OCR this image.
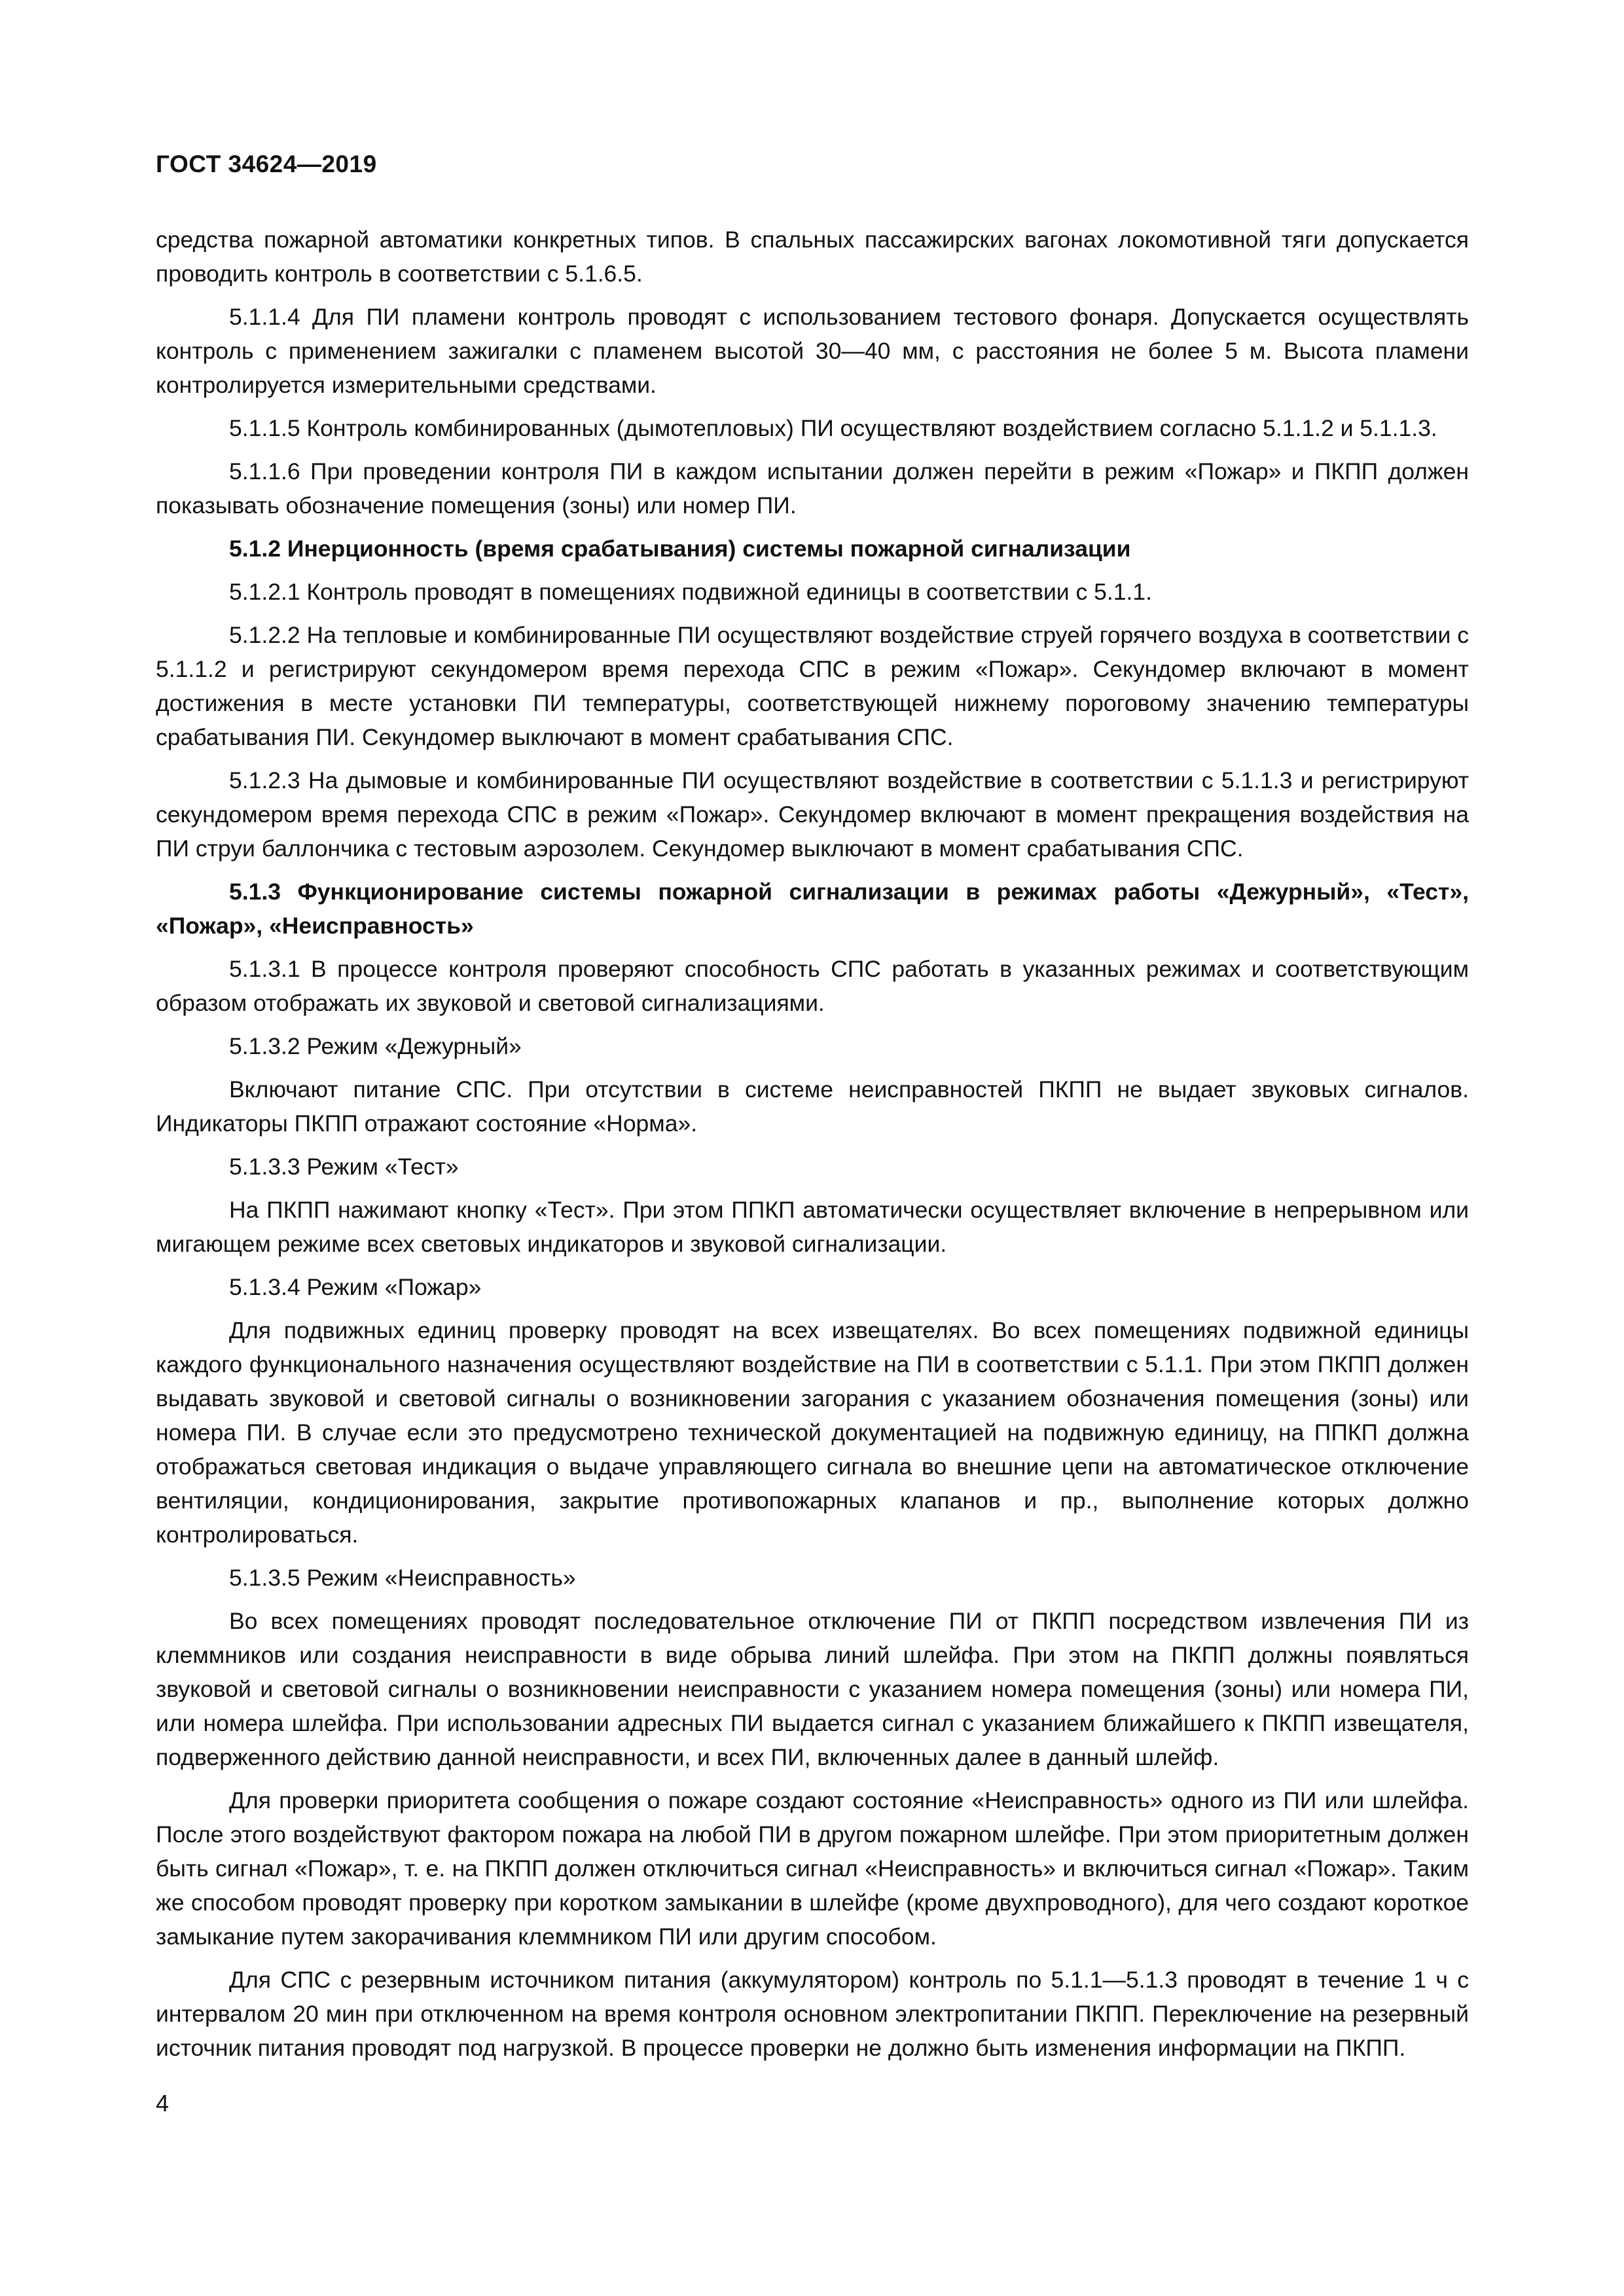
ГОСТ 34624—2019

средства пожарной автоматики конкретных типов. В спальных пассажирских вагонах локомотивной тяги допускается проводить контроль в соответствии с 5.1.6.5.

5.1.1.4 Для ПИ пламени контроль проводят с использованием тестового фонаря. Допускается осуществлять контроль с применением зажигалки с пламенем высотой 30—40 мм, с расстояния не более 5 м. Высота пламени контролируется измерительными средствами.

5.1.1.5 Контроль комбинированных (дымотепловых) ПИ осуществляют воздействием согласно 5.1.1.2 и 5.1.1.3.

5.1.1.6 При проведении контроля ПИ в каждом испытании должен перейти в режим «Пожар» и ПКПП должен показывать обозначение помещения (зоны) или номер ПИ.

5.1.2 Инерционность (время срабатывания) системы пожарной сигнализации

5.1.2.1 Контроль проводят в помещениях подвижной единицы в соответствии с 5.1.1.

5.1.2.2 На тепловые и комбинированные ПИ осуществляют воздействие струей горячего воздуха в соответствии с 5.1.1.2 и регистрируют секундомером время перехода СПС в режим «Пожар». Секундомер включают в момент достижения в месте установки ПИ температуры, соответствующей нижнему пороговому значению температуры срабатывания ПИ. Секундомер выключают в момент срабатывания СПС.

5.1.2.3 На дымовые и комбинированные ПИ осуществляют воздействие в соответствии с 5.1.1.3 и регистрируют секундомером время перехода СПС в режим «Пожар». Секундомер включают в момент прекращения воздействия на ПИ струи баллончика с тестовым аэрозолем. Секундомер выключают в момент срабатывания СПС.

5.1.3 Функционирование системы пожарной сигнализации в режимах работы «Дежурный», «Тест», «Пожар», «Неисправность»

5.1.3.1 В процессе контроля проверяют способность СПС работать в указанных режимах и соответствующим образом отображать их звуковой и световой сигнализациями.

5.1.3.2 Режим «Дежурный»

Включают питание СПС. При отсутствии в системе неисправностей ПКПП не выдает звуковых сигналов. Индикаторы ПКПП отражают состояние «Норма».

5.1.3.3 Режим «Тест»

На ПКПП нажимают кнопку «Тест». При этом ППКП автоматически осуществляет включение в непрерывном или мигающем режиме всех световых индикаторов и звуковой сигнализации.

5.1.3.4 Режим «Пожар»

Для подвижных единиц проверку проводят на всех извещателях. Во всех помещениях подвижной единицы каждого функционального назначения осуществляют воздействие на ПИ в соответствии с 5.1.1. При этом ПКПП должен выдавать звуковой и световой сигналы о возникновении загорания с указанием обозначения помещения (зоны) или номера ПИ. В случае если это предусмотрено технической документацией на подвижную единицу, на ППКП должна отображаться световая индикация о выдаче управляющего сигнала во внешние цепи на автоматическое отключение вентиляции, кондиционирования, закрытие противопожарных клапанов и пр., выполнение которых должно контролироваться.

5.1.3.5 Режим «Неисправность»

Во всех помещениях проводят последовательное отключение ПИ от ПКПП посредством извлечения ПИ из клеммников или создания неисправности в виде обрыва линий шлейфа. При этом на ПКПП должны появляться звуковой и световой сигналы о возникновении неисправности с указанием номера помещения (зоны) или номера ПИ, или номера шлейфа. При использовании адресных ПИ выдается сигнал с указанием ближайшего к ПКПП извещателя, подверженного действию данной неисправности, и всех ПИ, включенных далее в данный шлейф.

Для проверки приоритета сообщения о пожаре создают состояние «Неисправность» одного из ПИ или шлейфа. После этого воздействуют фактором пожара на любой ПИ в другом пожарном шлейфе. При этом приоритетным должен быть сигнал «Пожар», т. е. на ПКПП должен отключиться сигнал «Неисправность» и включиться сигнал «Пожар». Таким же способом проводят проверку при коротком замыкании в шлейфе (кроме двухпроводного), для чего создают короткое замыкание путем закорачивания клеммником ПИ или другим способом.

Для СПС с резервным источником питания (аккумулятором) контроль по 5.1.1—5.1.3 проводят в течение 1 ч с интервалом 20 мин при отключенном на время контроля основном электропитании ПКПП. Переключение на резервный источник питания проводят под нагрузкой. В процессе проверки не должно быть изменения информации на ПКПП.

4
